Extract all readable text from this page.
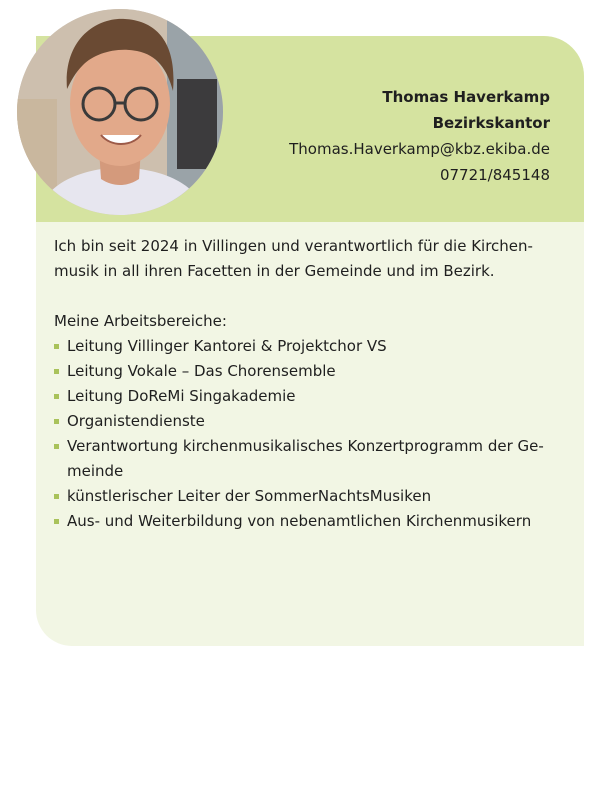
Thomas Haverkamp
Bezirkskantor
Thomas.Haverkamp@kbz.ekiba.de
07721/845148

Ich bin seit 2024 in Villingen und verantwortlich für die Kirchen-
musik in all ihren Facetten in der Gemeinde und im Bezirk.

Meine Arbeitsbereiche:

Leitung Villinger Kantorei & Projektchor VS
Leitung Vokale – Das Chorensemble
Leitung DoReMi Singakademie
Organistendienste
Verantwortung kirchenmusikalisches Konzertprogramm der Ge-
meinde
künstlerischer Leiter der SommerNachtsMusiken
Aus- und Weiterbildung von nebenamtlichen Kirchenmusikern
